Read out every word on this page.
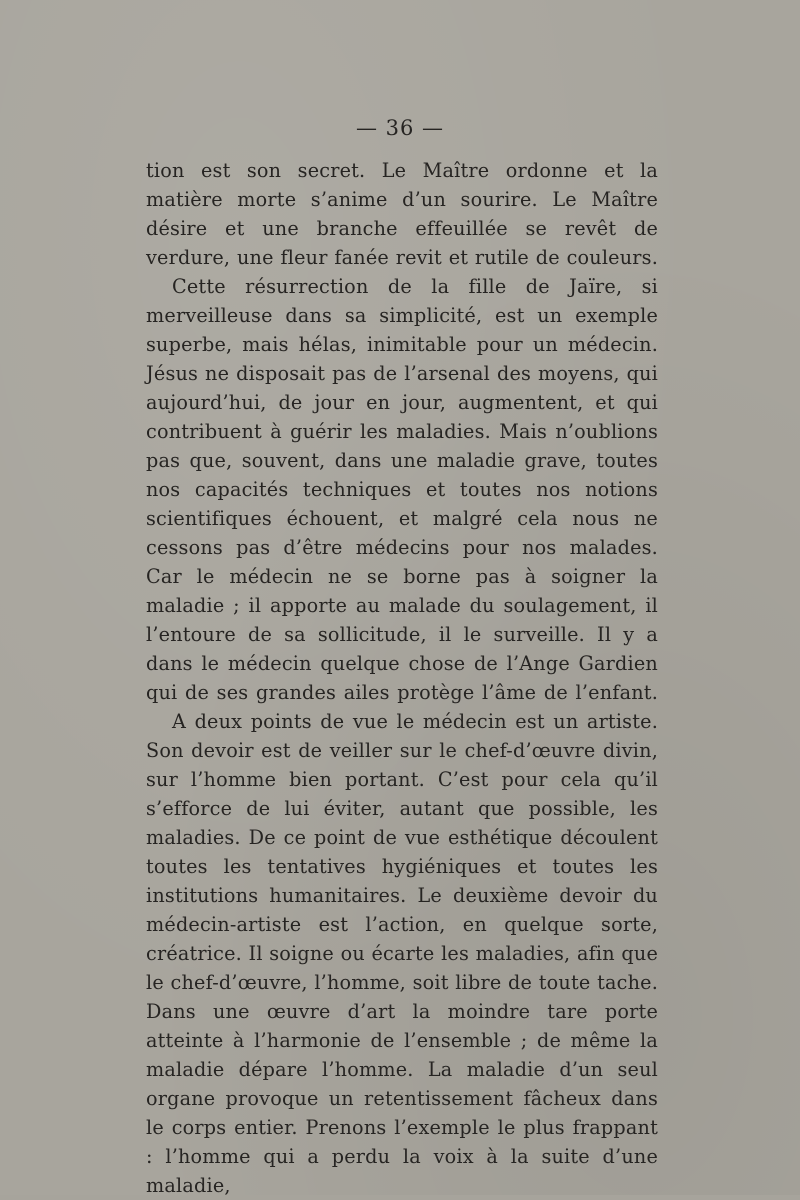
— 36 —

tion est son secret. Le Maître ordonne et la matière morte s’anime d’un sourire. Le Maître désire et une branche effeuillée se revêt de verdure, une fleur fanée revit et rutile de couleurs.

Cette résurrection de la fille de Jaïre, si merveilleuse dans sa simplicité, est un exemple superbe, mais hélas, inimitable pour un médecin. Jésus ne disposait pas de l’arsenal des moyens, qui aujourd’hui, de jour en jour, augmentent, et qui contribuent à guérir les maladies. Mais n’oublions pas que, souvent, dans une maladie grave, toutes nos capacités techniques et toutes nos notions scientifiques échouent, et malgré cela nous ne cessons pas d’être médecins pour nos malades. Car le médecin ne se borne pas à soigner la maladie ; il apporte au malade du soulagement, il l’entoure de sa sollicitude, il le surveille. Il y a dans le médecin quelque chose de l’Ange Gardien qui de ses grandes ailes protège l’âme de l’enfant.

A deux points de vue le médecin est un artiste. Son devoir est de veiller sur le chef-d’œuvre divin, sur l’homme bien portant. C’est pour cela qu’il s’efforce de lui éviter, autant que possible, les maladies. De ce point de vue esthétique découlent toutes les tentatives hygiéniques et toutes les institutions humanitaires. Le deuxième devoir du médecin-artiste est l’action, en quelque sorte, créatrice. Il soigne ou écarte les maladies, afin que le chef-d’œuvre, l’homme, soit libre de toute tache. Dans une œuvre d’art la moindre tare porte atteinte à l’harmonie de l’ensemble ; de même la maladie dépare l’homme. La maladie d’un seul organe provoque un retentissement fâcheux dans le corps entier. Prenons l’exemple le plus frappant : l’homme qui a perdu la voix à la suite d’une maladie,
